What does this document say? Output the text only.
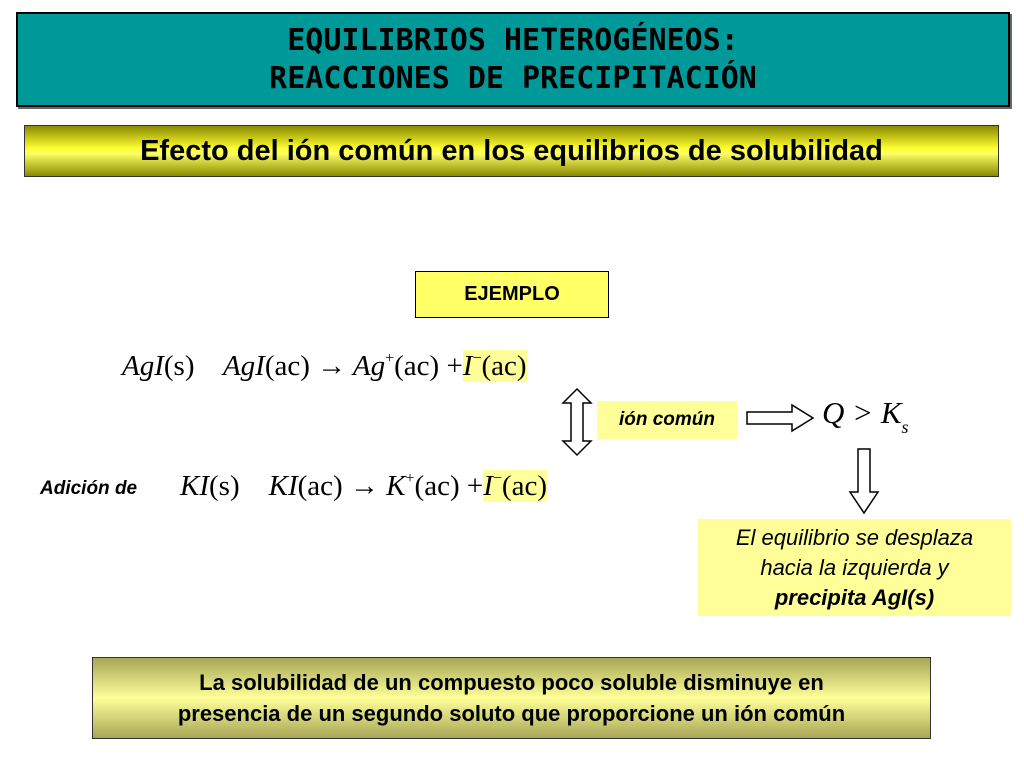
EQUILIBRIOS HETEROGÉNEOS:
REACCIONES DE PRECIPITACIÓN
Efecto del ión común en los equilibrios de solubilidad
EJEMPLO
AgI(s) AgI(ac) → Ag+(ac) +I−(ac)
Adición de KI(s) KI(ac) → K+(ac) +I−(ac)
ión común	$Q > K_s$
El equilibrio se desplaza
hacia la izquierda y
precipita AgI(s)
La solubilidad de un compuesto poco soluble disminuye en
presencia de un segundo soluto que proporcione un ión común
